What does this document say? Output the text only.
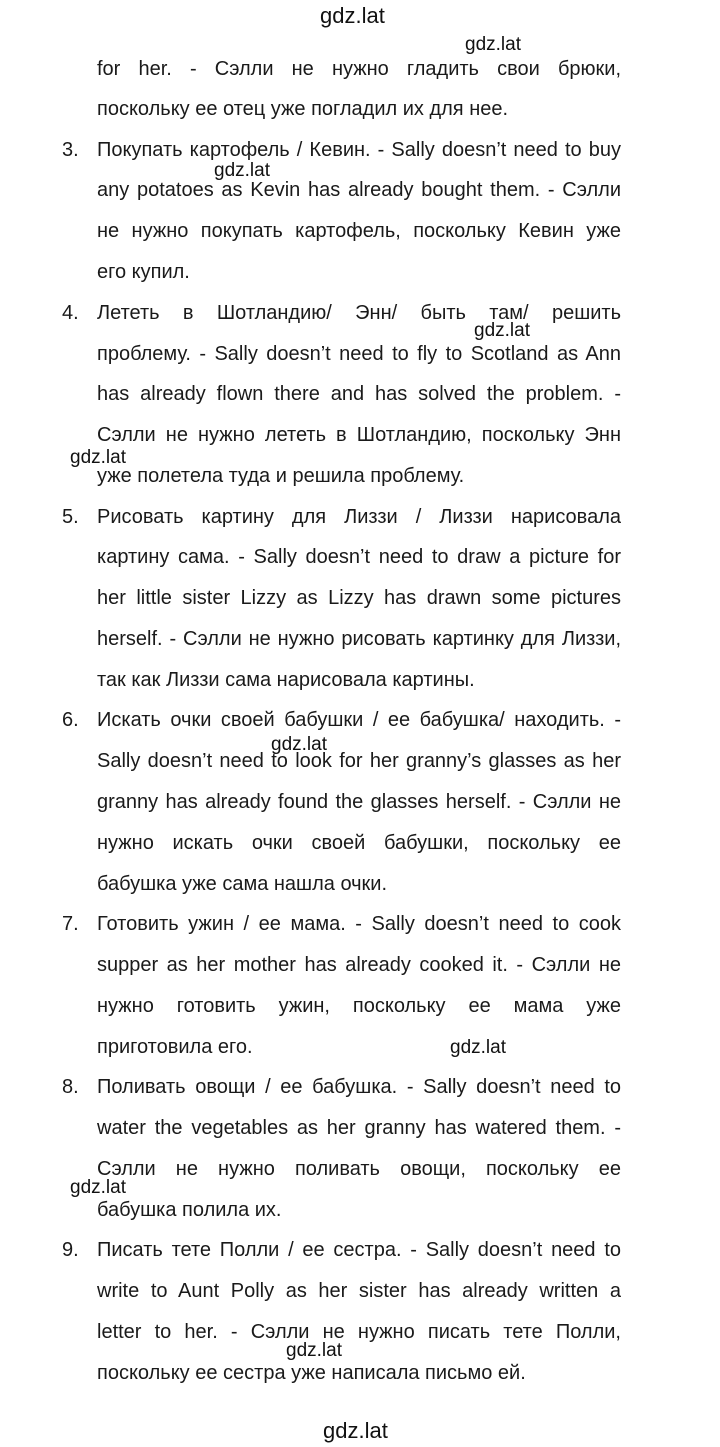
gdz.lat
gdz.lat
gdz.lat
gdz.lat
gdz.lat
gdz.lat
gdz.lat
gdz.lat
gdz.lat
gdz.lat
for her. - Сэлли не нужно гладить свои брюки,
поскольку ее отец уже погладил их для нее.
3. Покупать картофель / Кевин. - Sally doesn’t need to buy
any potatoes as Kevin has already bought them. - Сэлли
не нужно покупать картофель, поскольку Кевин уже
его купил.
4. Лететь в Шотландию/ Энн/ быть там/ решить
проблему. - Sally doesn’t need to fly to Scotland as Ann
has already flown there and has solved the problem. -
Сэлли не нужно лететь в Шотландию, поскольку Энн
уже полетела туда и решила проблему.
5. Рисовать картину для Лиззи / Лиззи нарисовала
картину сама. - Sally doesn’t need to draw a picture for
her little sister Lizzy as Lizzy has drawn some pictures
herself. - Сэлли не нужно рисовать картинку для Лиззи,
так как Лиззи сама нарисовала картины.
6. Искать очки своей бабушки / ее бабушка/ находить. -
Sally doesn’t need to look for her granny’s glasses as her
granny has already found the glasses herself. - Сэлли не
нужно искать очки своей бабушки, поскольку ее
бабушка уже сама нашла очки.
7. Готовить ужин / ее мама. - Sally doesn’t need to cook
supper as her mother has already cooked it. - Сэлли не
нужно готовить ужин, поскольку ее мама уже
приготовила его.
8. Поливать овощи / ее бабушка. - Sally doesn’t need to
water the vegetables as her granny has watered them. -
Сэлли не нужно поливать овощи, поскольку ее
бабушка полила их.
9. Писать тете Полли / ее сестра. - Sally doesn’t need to
write to Aunt Polly as her sister has already written a
letter to her. - Сэлли не нужно писать тете Полли,
поскольку ее сестра уже написала письмо ей.
